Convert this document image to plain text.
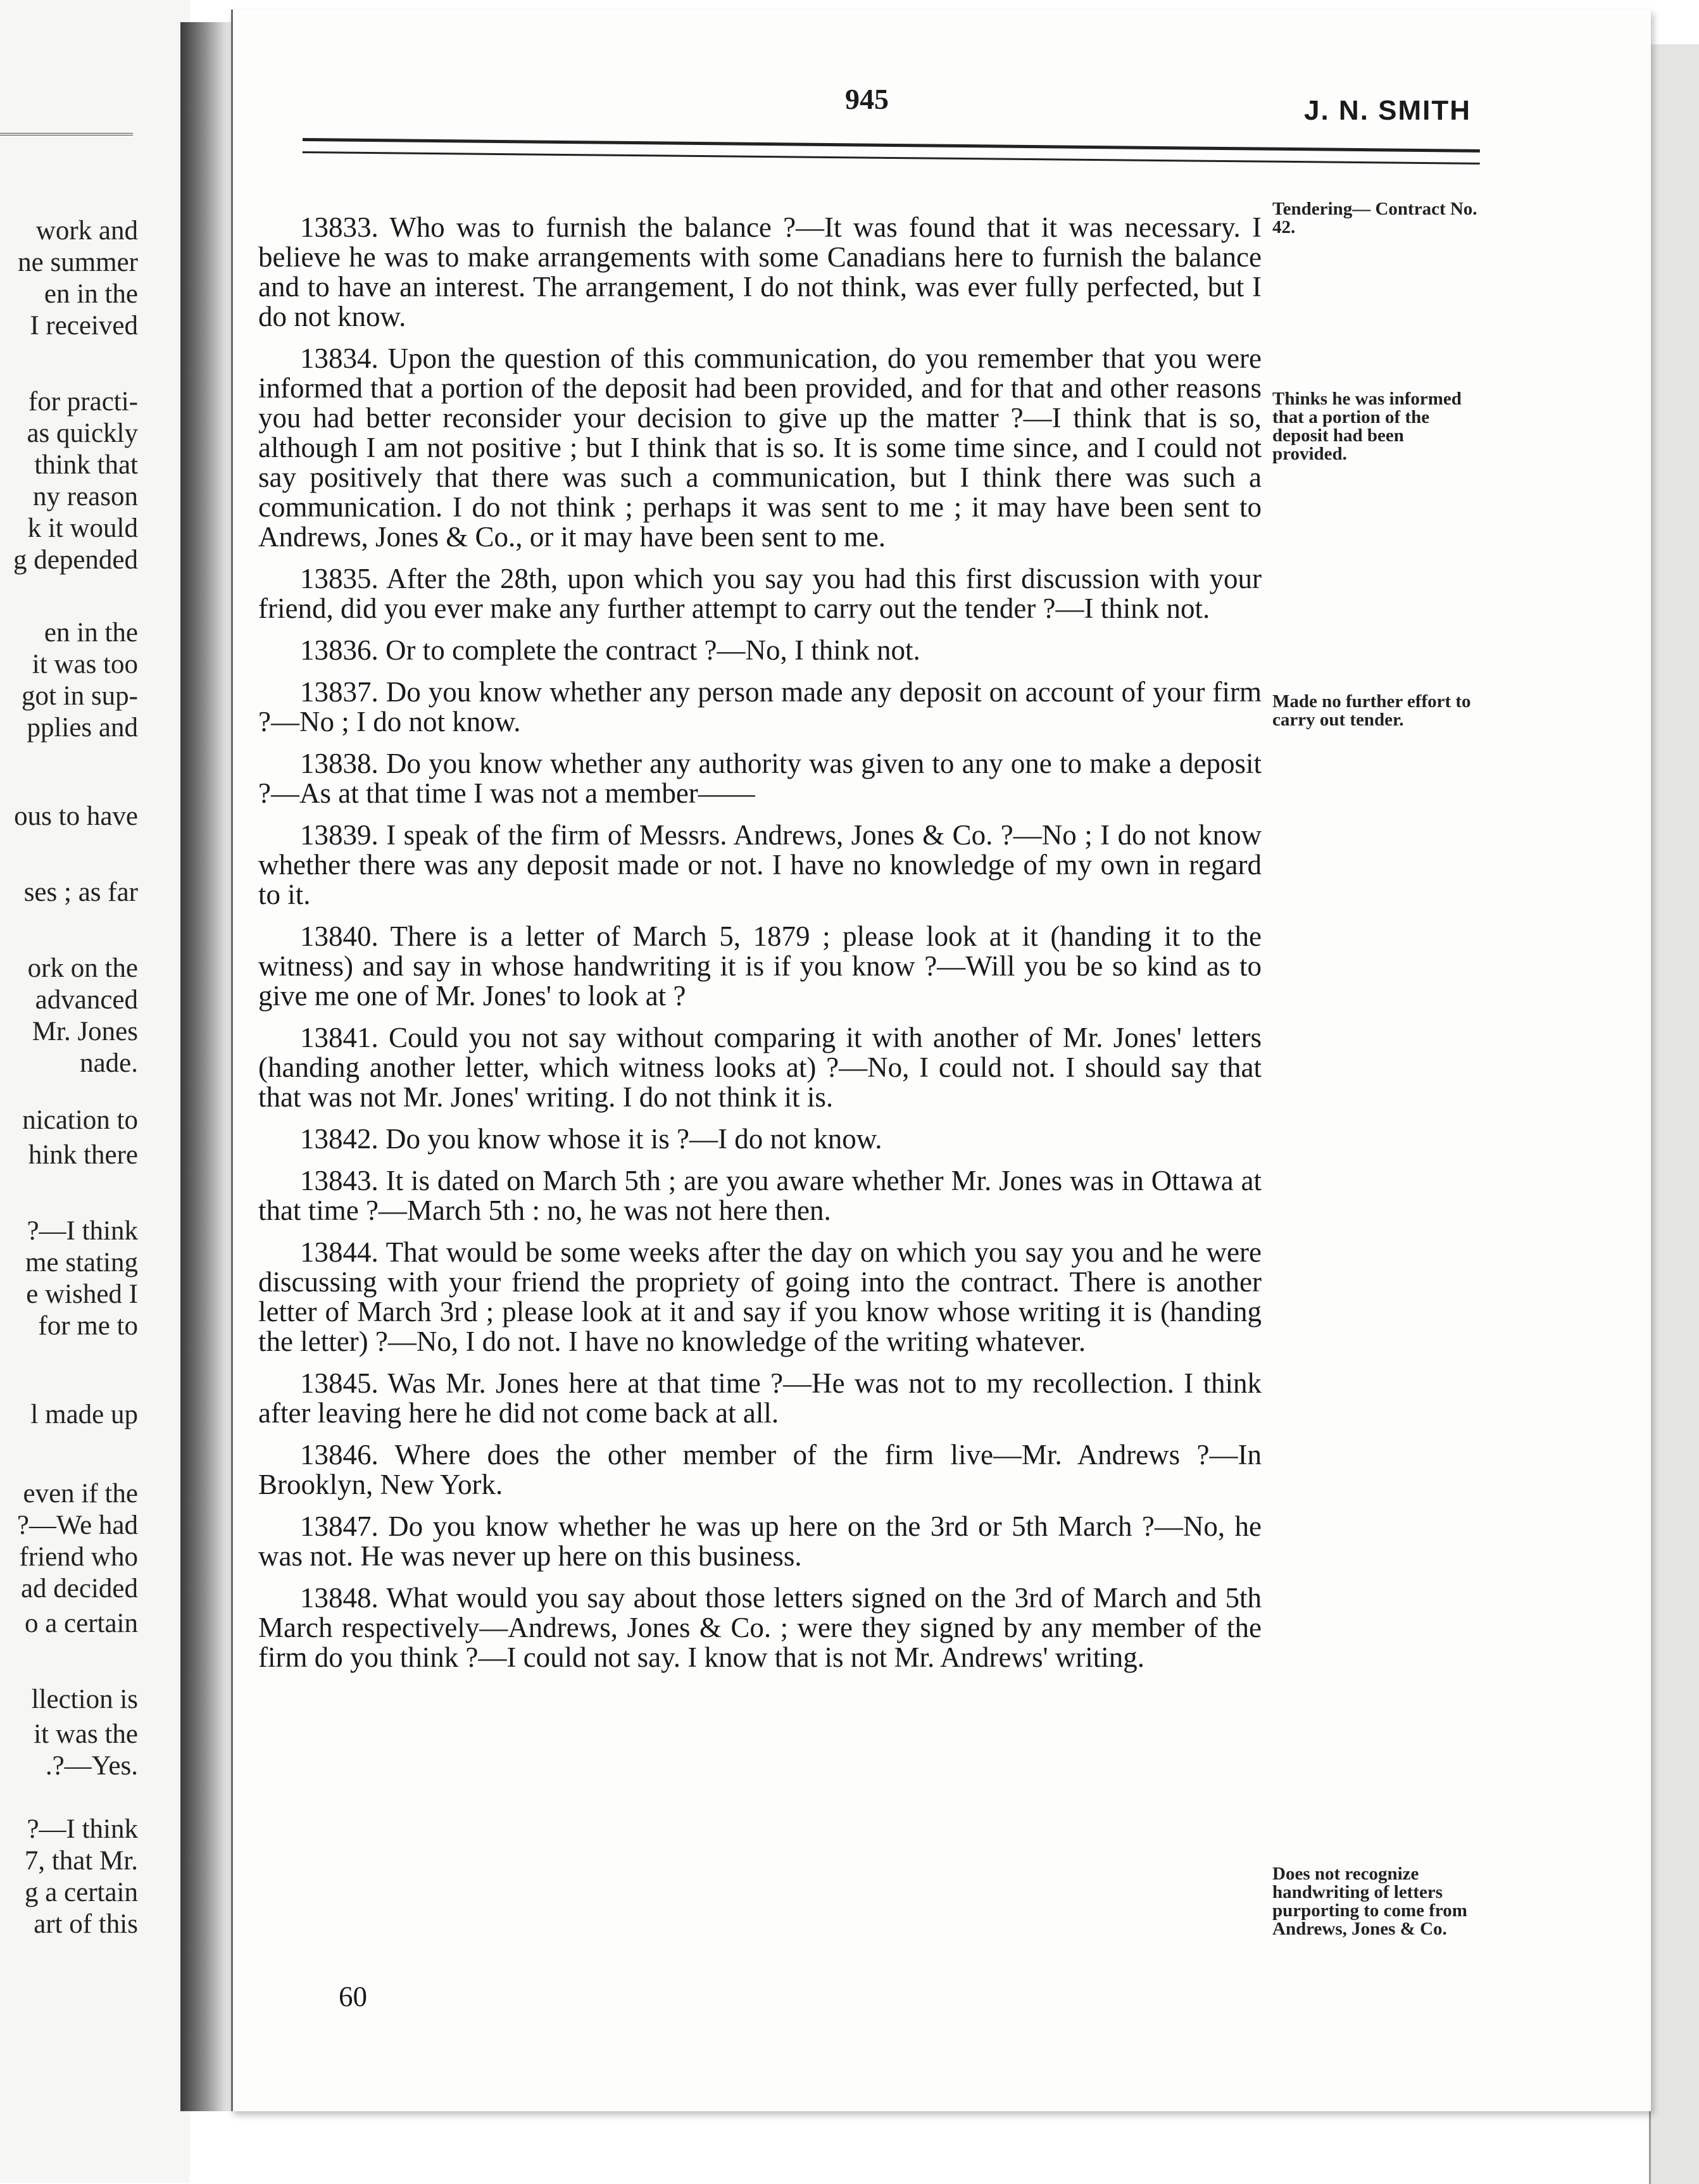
work and
ne summer
en in the
I received
for practi-
as quickly
think that
ny reason
k it would
g depended
en in the
it was too
got in sup-
pplies and
ous to have
ses ; as far
ork on the
advanced
Mr. Jones
nade.
nication to
hink there
?—I think
me stating
e wished I
for me to
l made up
even if the
?—We had
friend who
ad decided
o a certain
llection is
it was the
.?—Yes.
?—I think
7, that Mr.
g a certain
art of this
945	J. N. SMITH

13833. Who was to furnish the balance ?—It was found that it was necessary. I believe he was to make arrangements with some Canadians here to furnish the balance and to have an interest. The arrangement, I do not think, was ever fully perfected, but I do not know.

13834. Upon the question of this communication, do you remember that you were informed that a portion of the deposit had been provided, and for that and other reasons you had better reconsider your decision to give up the matter ?—I think that is so, although I am not positive ; but I think that is so. It is some time since, and I could not say positively that there was such a communication, but I think there was such a communication. I do not think ; perhaps it was sent to me ; it may have been sent to Andrews, Jones & Co., or it may have been sent to me.

13835. After the 28th, upon which you say you had this first discussion with your friend, did you ever make any further attempt to carry out the tender ?—I think not.

13836. Or to complete the contract ?—No, I think not.

13837. Do you know whether any person made any deposit on account of your firm ?—No ; I do not know.

13838. Do you know whether any authority was given to any one to make a deposit ?—As at that time I was not a member——

13839. I speak of the firm of Messrs. Andrews, Jones & Co. ?—No ; I do not know whether there was any deposit made or not. I have no knowledge of my own in regard to it.

13840. There is a letter of March 5, 1879 ; please look at it (handing it to the witness) and say in whose handwriting it is if you know ?—Will you be so kind as to give me one of Mr. Jones' to look at ?

13841. Could you not say without comparing it with another of Mr. Jones' letters (handing another letter, which witness looks at) ?—No, I could not. I should say that that was not Mr. Jones' writing. I do not think it is.

13842. Do you know whose it is ?—I do not know.

13843. It is dated on March 5th ; are you aware whether Mr. Jones was in Ottawa at that time ?—March 5th : no, he was not here then.

13844. That would be some weeks after the day on which you say you and he were discussing with your friend the propriety of going into the contract. There is another letter of March 3rd ; please look at it and say if you know whose writing it is (handing the letter) ?—No, I do not. I have no knowledge of the writing whatever.

13845. Was Mr. Jones here at that time ?—He was not to my recollection. I think after leaving here he did not come back at all.

13846. Where does the other member of the firm live—Mr. Andrews ?—In Brooklyn, New York.

13847. Do you know whether he was up here on the 3rd or 5th March ?—No, he was not. He was never up here on this business.

13848. What would you say about those letters signed on the 3rd of March and 5th March respectively—Andrews, Jones & Co. ; were they signed by any member of the firm do you think ?—I could not say. I know that is not Mr. Andrews' writing.

60
Tendering— Contract No. 42.
Thinks he was informed that a portion of the deposit had been provided.
Made no further effort to carry out tender.
Does not recognize handwriting of letters purporting to come from Andrews, Jones & Co.
